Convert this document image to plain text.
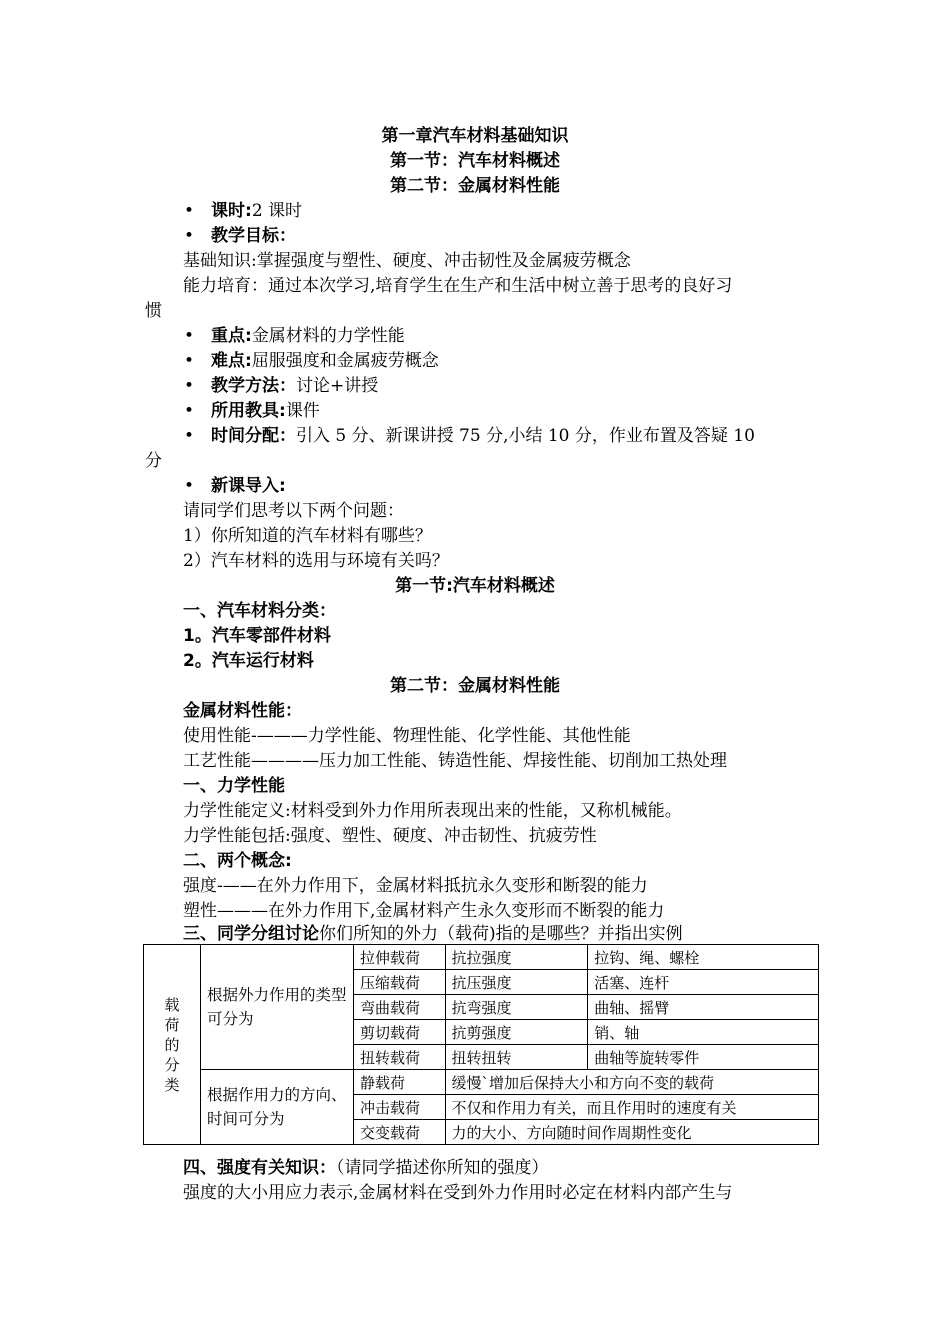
第一章汽车材料基础知识
第一节：汽车材料概述
第二节：金属材料性能
• 课时:2 课时
• 教学目标：
基础知识:掌握强度与塑性、硬度、冲击韧性及金属疲劳概念
能力培育：通过本次学习,培育学生在生产和生活中树立善于思考的良好习
惯
• 重点:金属材料的力学性能
• 难点:屈服强度和金属疲劳概念
• 教学方法：讨论+讲授
• 所用教具:课件
• 时间分配：引入 5 分、新课讲授 75 分,小结 10 分，作业布置及答疑 10
分
• 新课导入:
请同学们思考以下两个问题：
1）你所知道的汽车材料有哪些？
2）汽车材料的选用与环境有关吗？
第一节:汽车材料概述
一、汽车材料分类：
1。汽车零部件材料
2。汽车运行材料
第二节：金属材料性能
金属材料性能：
使用性能-———力学性能、物理性能、化学性能、其他性能
工艺性能————压力加工性能、铸造性能、焊接性能、切削加工热处理
一、力学性能
力学性能定义:材料受到外力作用所表现出来的性能，又称机械能。
力学性能包括:强度、塑性、硬度、冲击韧性、抗疲劳性
二、两个概念:
强度-——在外力作用下，金属材料抵抗永久变形和断裂的能力
塑性———在外力作用下,金属材料产生永久变形而不断裂的能力
三、同学分组讨论你们所知的外力（载荷)指的是哪些？并指出实例
载荷的分类	根据外力作用的类型可分为	拉伸载荷	抗拉强度	拉钩、绳、螺栓
		压缩载荷	抗压强度	活塞、连杆
		弯曲载荷	抗弯强度	曲轴、摇臂
		剪切载荷	抗剪强度	销、轴
		扭转载荷	扭转扭转	曲轴等旋转零件
	根据作用力的方向、时间可分为	静载荷	缓慢`增加后保持大小和方向不变的载荷	
		冲击载荷	不仅和作用力有关，而且作用时的速度有关	
		交变载荷	力的大小、方向随时间作周期性变化	
四、强度有关知识：（请同学描述你所知的强度）
强度的大小用应力表示,金属材料在受到外力作用时必定在材料内部产生与
